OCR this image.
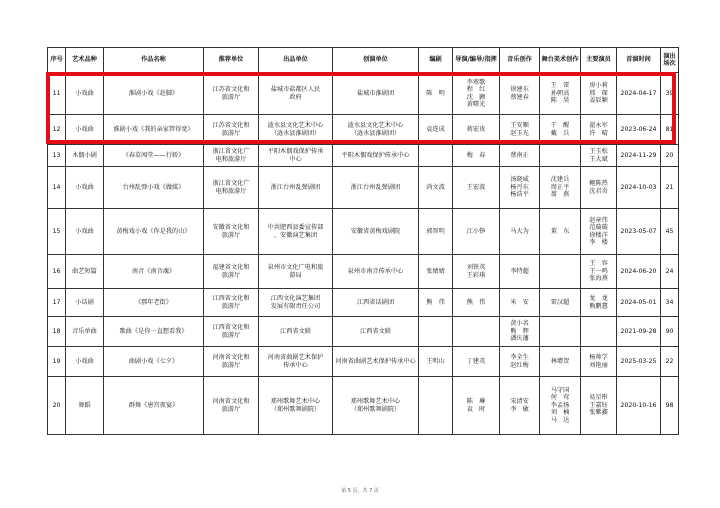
序号	艺术品种	作品名称	推荐单位	出品单位	创演单位	编剧	导演/编导/指挥	音乐创作	舞台美术创作	主要演员	首演时间	演出场次
11	小戏曲	淮剧小戏《赶脚》	江苏省文化和
旅游厅	盐城市盐都区人民
政府	盐城市淮剧团	陈　明	李鸾歌
程　红
沈　颢
黄曙光	徐建东
蔡建春	王　雷
孙朝高
陈　昊	房小莉
邢　琛
姜辰颖	2024-04-17	39
12	小戏曲	淮剧小戏《我的亲家管得宽》	江苏省文化和
旅游厅	涟水县文化艺术中心
（涟水县淮剧团）	涟水县文化艺术中心
（涟水县淮剧团）	袁连成	蒋宏贵	王安顺
赵玉光	干　醒
戴　兵	翟永军
许　晴	2023-06-24	81
13	木偶小剧	《春草闯堂——行轿》	浙江省文化广
电和旅游厅	平阳木偶戏保护传承
中心	平阳木偶戏保护传承中心		梅　春	蔡南正		王玉松
王大斌	2024-11-29	20
14	小戏曲	台州乱弹小戏《做媒》	浙江省文化广
电和旅游厅	浙江台州乱弹剧团	浙江台州乱弹剧团	尚文波	王宏波	汤晓威
杨丹东
杨浩平	沈建兵
周正平
蔷　燕	鲍陈热
沈君奇	2024-10-03	21
15	小戏曲	黄梅戏小戏《你是我的山》	安徽省文化和
旅游厅	中共肥西县委宣传部
、安徽演艺集团	安徽省黄梅戏剧院	郭智明	江小铮	马大为	董　东	赵章伟
范璇璇
徐楼洋
李　楼	2023-05-07	45
16	曲艺短篇	南音《南音魂》	福建省文化和
旅游厅	泉州市文化广电和旅
游局	泉州市南音传承中心	张婧婧	刘铁英
王彩琪	李特超		王　容
王一鸣
张海燕	2024-06-20	24
17	小话剧	《那年老街》	江西省文化和
旅游厅	江西文化演艺集团
发展有限责任公司	江西省话剧团	熊　伟	熊　伟	米　安	雷汉超	龙　龙
熊鹏慧	2024-05-01	34
18	音乐单曲	歌曲《是你一直想看我》	江西省文化和
旅游厅	江西省文联	江西省文联			黄小名
熊　辉
潘庆藩			2021-09-28	90
19	小戏曲	曲剧小戏《七夕》	河南省文化和
旅游厅	河南省曲剧艺术保护
传承中心	河南省曲剧艺术保护传承中心	王明山	丁建英	李全生
赵红梅	林增贺	杨帅学
刘艳丽	2025-03-25	22
20	舞蹈	群舞《唐宫夜宴》	河南省文化和
旅游厅	郑州歌舞艺术中心
（郑州歌舞剧院）	郑州歌舞艺术中心
（郑州歌舞剧院）		陈　琳
袁　时	宋清安
李　敏	马守国
何　莺
李孟扬
刘　楠
马　达	易星彤
王嘉钰
张紫鑫	2020-10-16	98
第 5 页，共 7 页
